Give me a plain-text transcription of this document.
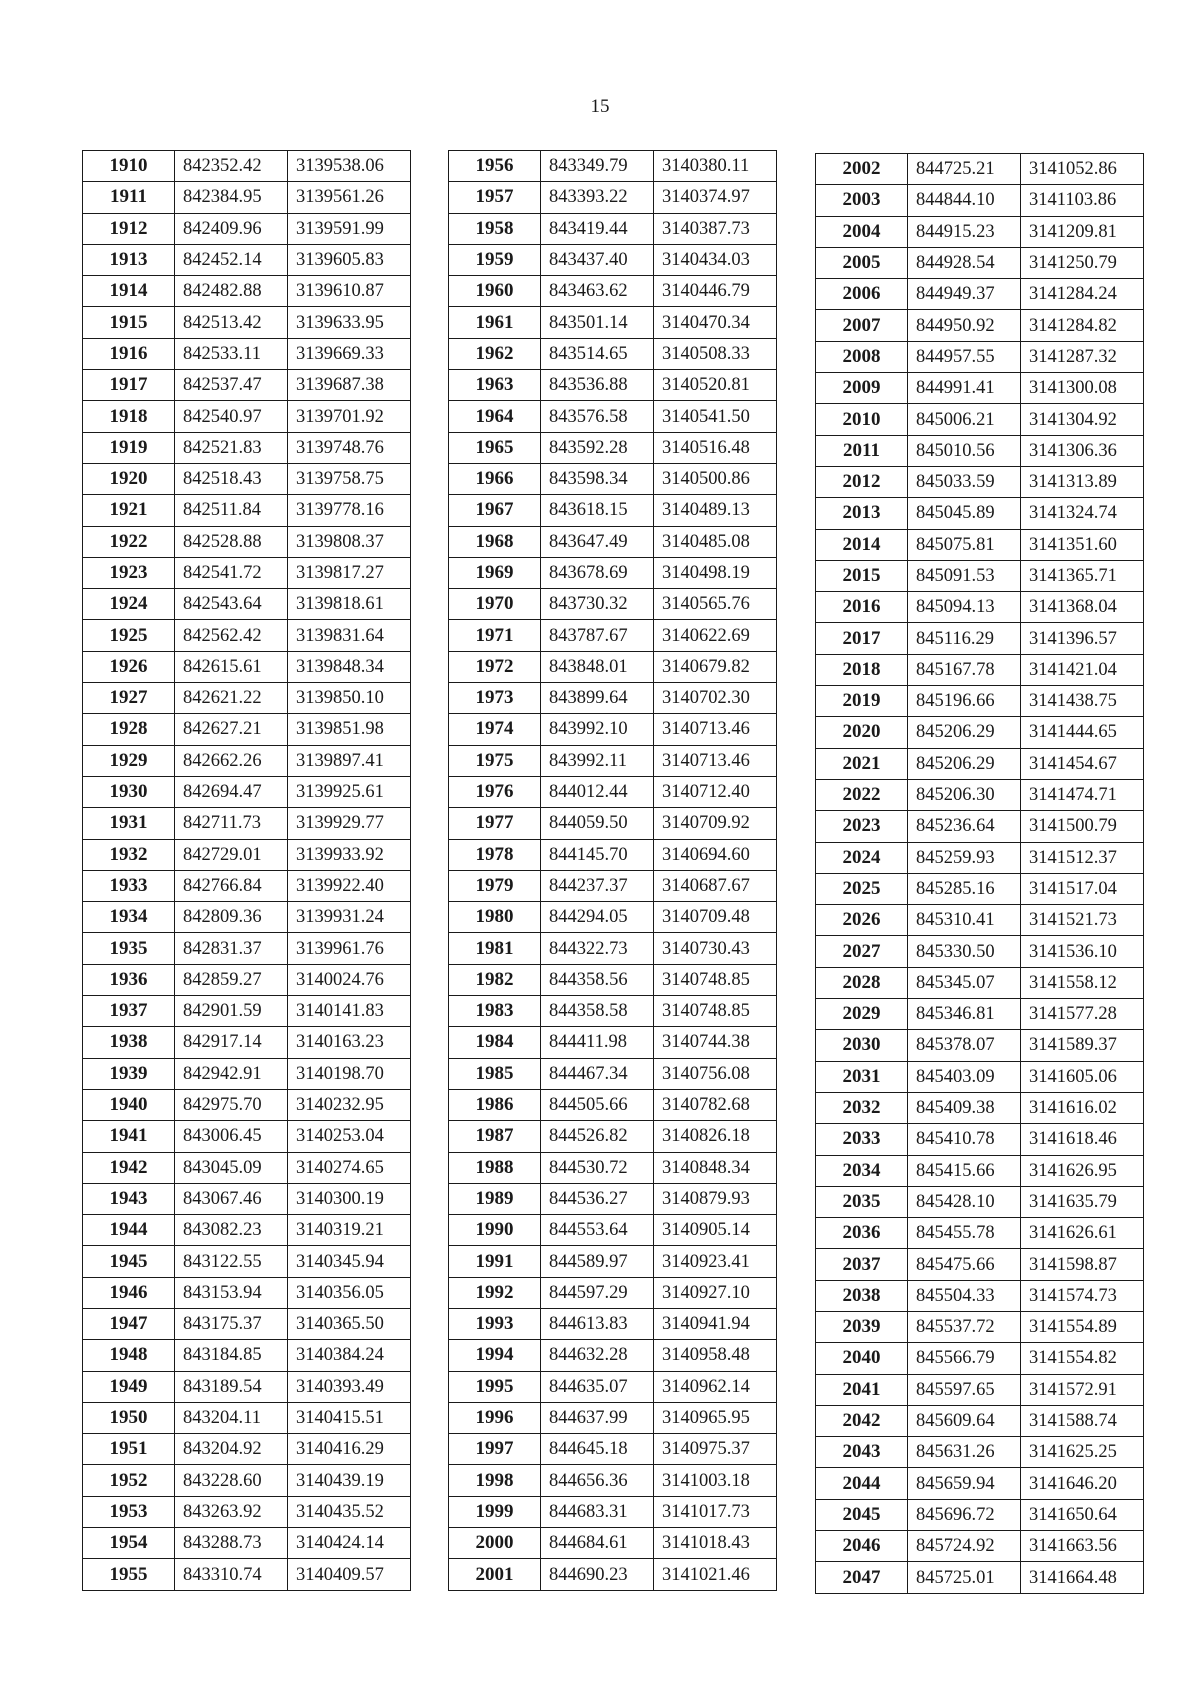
15
1910	842352.42	3139538.06
1911	842384.95	3139561.26
1912	842409.96	3139591.99
1913	842452.14	3139605.83
1914	842482.88	3139610.87
1915	842513.42	3139633.95
1916	842533.11	3139669.33
1917	842537.47	3139687.38
1918	842540.97	3139701.92
1919	842521.83	3139748.76
1920	842518.43	3139758.75
1921	842511.84	3139778.16
1922	842528.88	3139808.37
1923	842541.72	3139817.27
1924	842543.64	3139818.61
1925	842562.42	3139831.64
1926	842615.61	3139848.34
1927	842621.22	3139850.10
1928	842627.21	3139851.98
1929	842662.26	3139897.41
1930	842694.47	3139925.61
1931	842711.73	3139929.77
1932	842729.01	3139933.92
1933	842766.84	3139922.40
1934	842809.36	3139931.24
1935	842831.37	3139961.76
1936	842859.27	3140024.76
1937	842901.59	3140141.83
1938	842917.14	3140163.23
1939	842942.91	3140198.70
1940	842975.70	3140232.95
1941	843006.45	3140253.04
1942	843045.09	3140274.65
1943	843067.46	3140300.19
1944	843082.23	3140319.21
1945	843122.55	3140345.94
1946	843153.94	3140356.05
1947	843175.37	3140365.50
1948	843184.85	3140384.24
1949	843189.54	3140393.49
1950	843204.11	3140415.51
1951	843204.92	3140416.29
1952	843228.60	3140439.19
1953	843263.92	3140435.52
1954	843288.73	3140424.14
1955	843310.74	3140409.57
1956	843349.79	3140380.11
1957	843393.22	3140374.97
1958	843419.44	3140387.73
1959	843437.40	3140434.03
1960	843463.62	3140446.79
1961	843501.14	3140470.34
1962	843514.65	3140508.33
1963	843536.88	3140520.81
1964	843576.58	3140541.50
1965	843592.28	3140516.48
1966	843598.34	3140500.86
1967	843618.15	3140489.13
1968	843647.49	3140485.08
1969	843678.69	3140498.19
1970	843730.32	3140565.76
1971	843787.67	3140622.69
1972	843848.01	3140679.82
1973	843899.64	3140702.30
1974	843992.10	3140713.46
1975	843992.11	3140713.46
1976	844012.44	3140712.40
1977	844059.50	3140709.92
1978	844145.70	3140694.60
1979	844237.37	3140687.67
1980	844294.05	3140709.48
1981	844322.73	3140730.43
1982	844358.56	3140748.85
1983	844358.58	3140748.85
1984	844411.98	3140744.38
1985	844467.34	3140756.08
1986	844505.66	3140782.68
1987	844526.82	3140826.18
1988	844530.72	3140848.34
1989	844536.27	3140879.93
1990	844553.64	3140905.14
1991	844589.97	3140923.41
1992	844597.29	3140927.10
1993	844613.83	3140941.94
1994	844632.28	3140958.48
1995	844635.07	3140962.14
1996	844637.99	3140965.95
1997	844645.18	3140975.37
1998	844656.36	3141003.18
1999	844683.31	3141017.73
2000	844684.61	3141018.43
2001	844690.23	3141021.46
2002	844725.21	3141052.86
2003	844844.10	3141103.86
2004	844915.23	3141209.81
2005	844928.54	3141250.79
2006	844949.37	3141284.24
2007	844950.92	3141284.82
2008	844957.55	3141287.32
2009	844991.41	3141300.08
2010	845006.21	3141304.92
2011	845010.56	3141306.36
2012	845033.59	3141313.89
2013	845045.89	3141324.74
2014	845075.81	3141351.60
2015	845091.53	3141365.71
2016	845094.13	3141368.04
2017	845116.29	3141396.57
2018	845167.78	3141421.04
2019	845196.66	3141438.75
2020	845206.29	3141444.65
2021	845206.29	3141454.67
2022	845206.30	3141474.71
2023	845236.64	3141500.79
2024	845259.93	3141512.37
2025	845285.16	3141517.04
2026	845310.41	3141521.73
2027	845330.50	3141536.10
2028	845345.07	3141558.12
2029	845346.81	3141577.28
2030	845378.07	3141589.37
2031	845403.09	3141605.06
2032	845409.38	3141616.02
2033	845410.78	3141618.46
2034	845415.66	3141626.95
2035	845428.10	3141635.79
2036	845455.78	3141626.61
2037	845475.66	3141598.87
2038	845504.33	3141574.73
2039	845537.72	3141554.89
2040	845566.79	3141554.82
2041	845597.65	3141572.91
2042	845609.64	3141588.74
2043	845631.26	3141625.25
2044	845659.94	3141646.20
2045	845696.72	3141650.64
2046	845724.92	3141663.56
2047	845725.01	3141664.48
